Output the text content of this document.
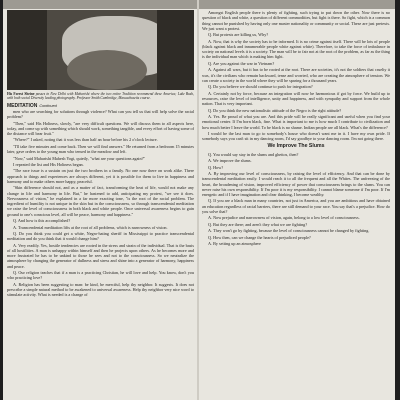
His Forest Shrine passes in New Delhi with Maharishi where the two entire Tradition recommend these America; Luke Bush, with both social Diversity leading photography. Professor Smith Cambridge, Massachusetts course.
MEDITATION Continued

men who are searching for solutions through violence? What can you tell us that will help solve the racial problem?

"Then," said His Holiness, slowly, "are very difficult questions. We will discuss them to all aspects here, today, and come up with something which should work, something tangible, and every effort of having some of the distance will bear fruit."

"Where?" I asked, noting that it was less than half an hour before his 2 o'clock lecture.

"I'll take five minutes and come back. Then we will find answers." He returned from a bedroom 15 minutes later, gave orders to the young man who tensed in the meadow and left.

"Now," said Maharishi Mahesh Yogi, quietly, "what are your questions again?"

I repeated the list and His Holiness began.

"The race issue is a sustain on just the two brothers in a family. No one now there on work alike. There approach to things and experiences are always different, yet it is possible for them to live in happiness and harmony and to make others more happy, peaceful.

"Skin difference should not, and as a matter of fact, transforming the heat of life, would not make any change in life and harmony in life. But," he hastened to add, anticipating my protest, "we see it does. Nervousness of vision," he explained in a far more exacting tone, "is the root of the racial problem. The ingredient of humility is not unique in the skin but in the consciousness, so through transcendental meditation we raise the level of consciousness in both black and white people. Once universal awareness begins to gain ground to one's conscious level, all will be peace, harmony and happiness."

Q. And how is this accomplished?

A. Transcendental meditation lifts at the root of all problems, which is narrowness of vision.

Q. Do you think you could get a white, Negro-hating sheriff in Mississippi to practice transcendental meditation and do you think that it would change him?

A. Very readily. Yes, hostile tendencies are rooted in the stress and strain of the individual. That is the basis of all hostilities. A man is unhappy within himself and then he projects upon others. As he becomes more and more frustrated he has to be unkind to those he sees and not to the consciousness. So we neutralize the atmosphere by changing the generator of dullness and stress and shine into a generator of harmony, happiness and peace.

Q. Our religion teaches that if a man is a practicing Christian, he will love and help. You know, don't you who practicing love?

A. Religion has been suggesting to man: be kind, be merciful, help thy neighbor. It suggests. It does not prescribe a simple natural method to be awakened to universal awareness. Help thy neighbor very nice word to stimulate activity. What is needed is a change of

Amongst English people there is plenty of fighting, such trying to put down the other. Now there is no question of black and white, a question of different commodities, but fight is there. So fight, which is a common thing cannot be punished by having only one master nationality or community or social. These are just pretexts. We just want a protest.

Q. But protests are killing us, Why?

A. Now, that is why the society has to be informed. It is no crime against itself. There will be lots of people (black against black and innumerable people white against white). Therefore, to take the force of imbalance in society on national levels it is a society. The man will be to fair not at the root of the problem, as far as the thing is the individual man which is making him fight.

Q. Are you against the war in Vietnam?

A. Against all wars, but it has to be rooted at the root. There are societies, it's not the soldiers that cruelty it was, it's the civilians who remain backward, tense and worried, who are creating the atmosphere of tension. We can create a society in the world where they will be sparing for a thousand years.

Q. Do you believe we should continue to push for integration?

A. Certainly not by force, because an integration will now be harmonious if got by force. We build up to resources, raise the level of intelligence, unity and happiness, and with sympathy and support from the whole nation. That is very important.

Q. Do you think the new nationalistic attitude of the Negro is the right attitude?

A. Yes. Be proud of what you are. And this pride will be really significant and useful when you find your emotional center. If I'm born black, fine. What is important to me is how much I contribute to civilization and how much better I leave the world. To be black is no shame. Indian people are all black. What's the difference?

I would be the last man to go to somebody's house who doesn't want me in it. I have my own pride. If somebody says you can't sit in my dancing room, I'd say goodbye to your dancing room. I'm not going there.

We Improve The Slums

Q. You would say stay in the slums and ghettos, then?

A. We improve the slums.

Q. How?

A. By improving our level of consciousness, by raising the level of efficiency. And that can be done by transcendental meditation easily. I would reach it to all the frequent and all the Whites. The unfreezing of the heart, the broadening of vision, improved efficiency of power that consciousness brings to the slums. You can never raise his own responsibility. If I'm poor it is my responsibility. I cannot blame someone if I'm poor. If I'm energetic and if I have imagination and clear thinking, I become wealthy.

Q. If you are a black man in many countries, not just in America, and you are ambitious and have obtained an education regardless of racial barriers, there are still demand to your race. You say that's a prejudice. How do you solve that?

A. Now prejudice and narrowness of vision, again, belong to a low level of consciousness.

Q. But they are there; and aren't they what we are fighting?

A. They won't go by fighting, because the level of consciousness cannot be changed by fighting.

Q. How then, can we change the hearts of prejudiced people?

A. By setting up an atmosphere
